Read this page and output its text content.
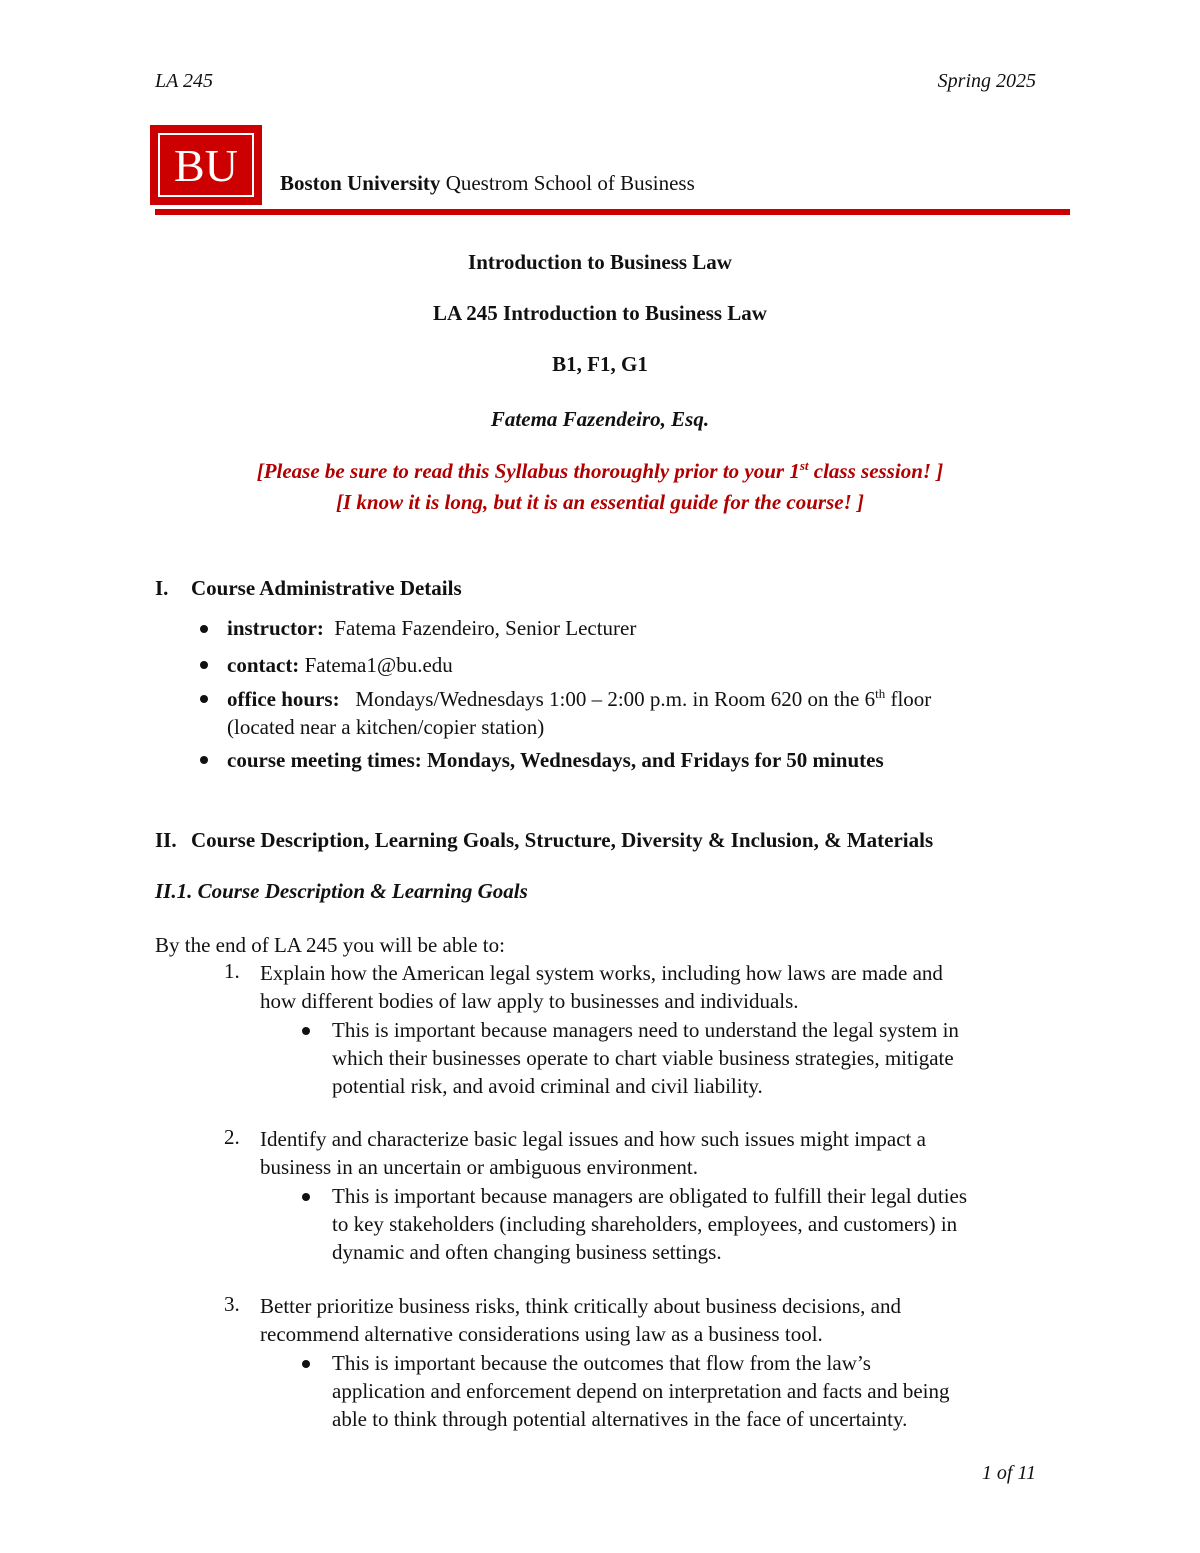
LA 245	Spring 2025
BU	Boston University Questrom School of Business
Introduction to Business Law
LA 245 Introduction to Business Law
B1, F1, G1
Fatema Fazendeiro, Esq.
[Please be sure to read this Syllabus thoroughly prior to your 1st class session! ]
[I know it is long, but it is an essential guide for the course! ]
I. Course Administrative Details
instructor: Fatema Fazendeiro, Senior Lecturer
contact: Fatema1@bu.edu
office hours: Mondays/Wednesdays 1:00 – 2:00 p.m. in Room 620 on the 6th floor
(located near a kitchen/copier station)
course meeting times: Mondays, Wednesdays, and Fridays for 50 minutes
II. Course Description, Learning Goals, Structure, Diversity & Inclusion, & Materials
II.1. Course Description & Learning Goals
By the end of LA 245 you will be able to:
1. Explain how the American legal system works, including how laws are made and
how different bodies of law apply to businesses and individuals.
This is important because managers need to understand the legal system in
which their businesses operate to chart viable business strategies, mitigate
potential risk, and avoid criminal and civil liability.
2. Identify and characterize basic legal issues and how such issues might impact a
business in an uncertain or ambiguous environment.
This is important because managers are obligated to fulfill their legal duties
to key stakeholders (including shareholders, employees, and customers) in
dynamic and often changing business settings.
3. Better prioritize business risks, think critically about business decisions, and
recommend alternative considerations using law as a business tool.
This is important because the outcomes that flow from the law’s
application and enforcement depend on interpretation and facts and being
able to think through potential alternatives in the face of uncertainty.
1 of 11
